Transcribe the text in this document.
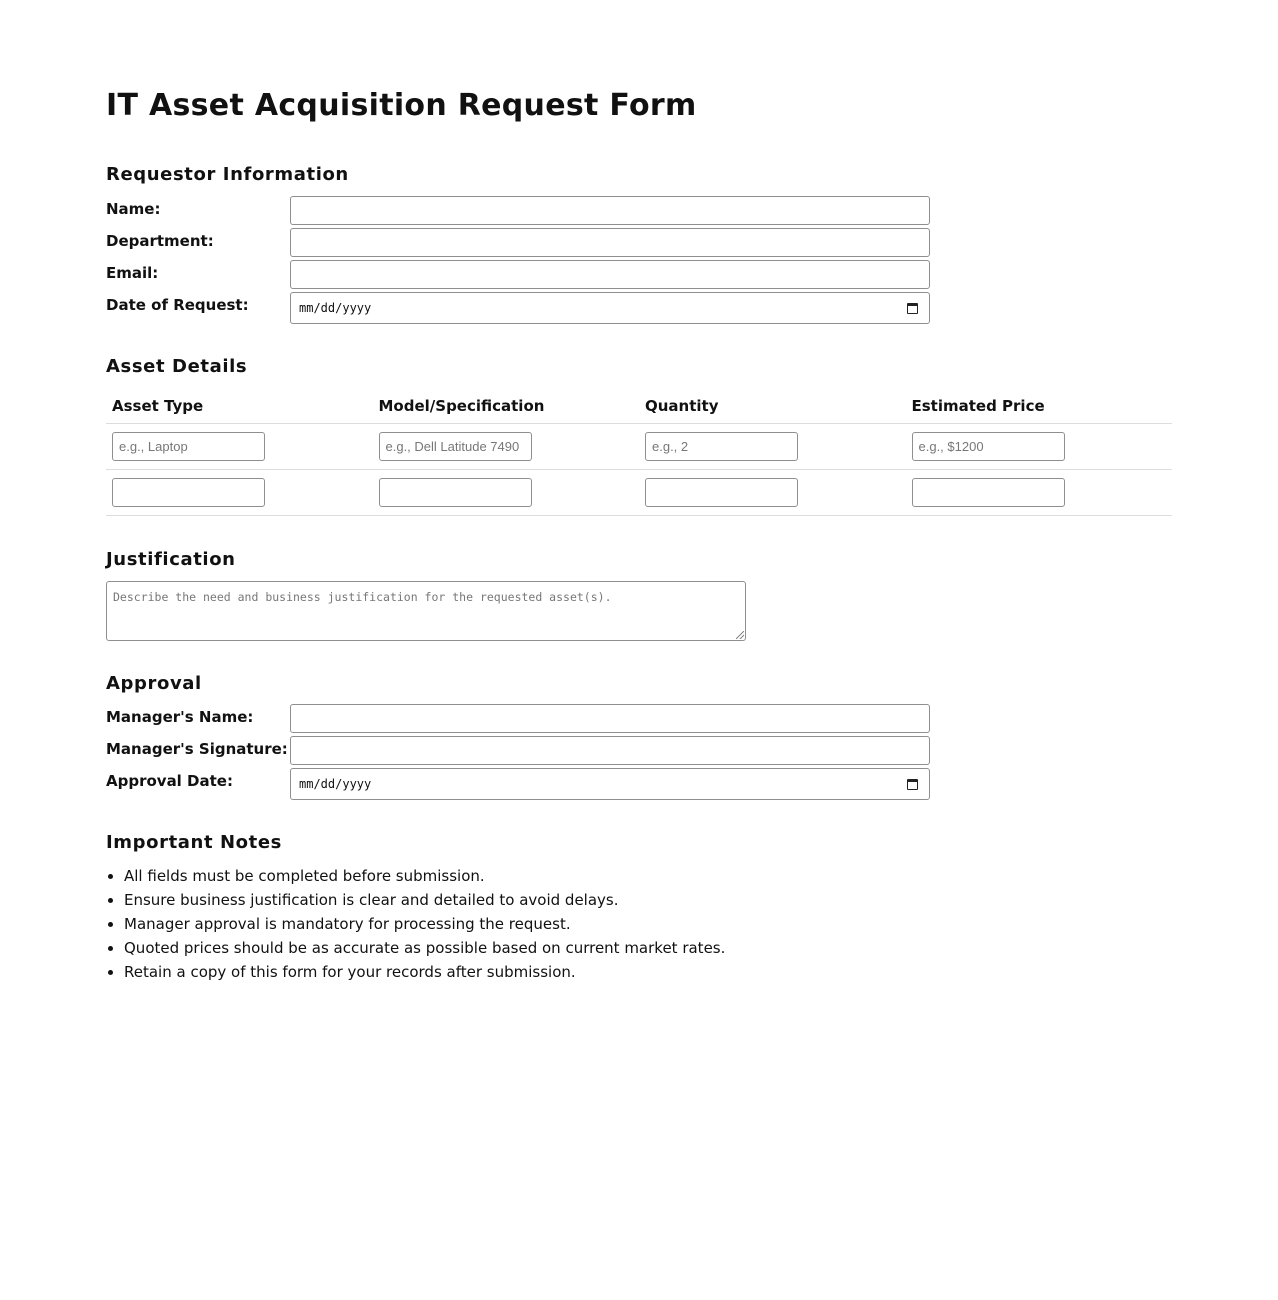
IT Asset Acquisition Request Form
Requestor Information
Name:
Department:
Email:
Date of Request:	mm/dd/yyyy
Asset Details
Asset Type	Model/Specification	Quantity	Estimated Price

e.g., Laptop	e.g., Dell Latitude 7490	e.g., 2	e.g., $1200

Justification
Describe the need and business justification for the requested asset(s).
Approval
Manager's Name:
Manager's Signature:
Approval Date:	mm/dd/yyyy
Important Notes
• All fields must be completed before submission.
• Ensure business justification is clear and detailed to avoid delays.
• Manager approval is mandatory for processing the request.
• Quoted prices should be as accurate as possible based on current market rates.
• Retain a copy of this form for your records after submission.
